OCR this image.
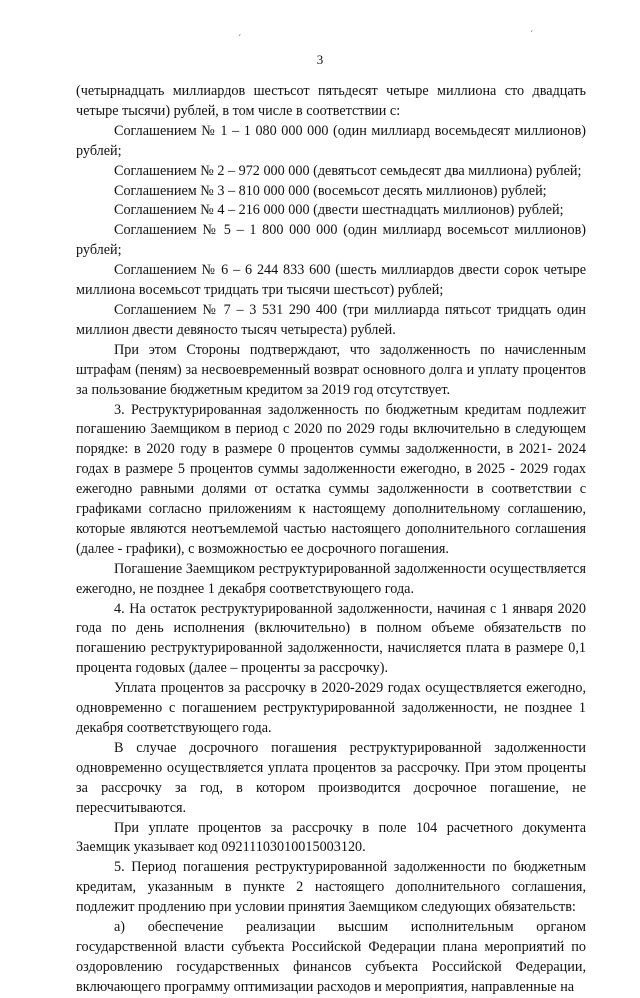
ˊ	ˊ
3

(четырнадцать миллиардов шестьсот пятьдесят четыре миллиона сто двадцать четыре тысячи) рублей, в том числе в соответствии с:

Соглашением № 1 – 1 080 000 000 (один миллиард восемьдесят миллионов) рублей;

Соглашением № 2 – 972 000 000 (девятьсот семьдесят два миллиона) рублей;

Соглашением № 3 – 810 000 000 (восемьсот десять миллионов) рублей;

Соглашением № 4 – 216 000 000 (двести шестнадцать миллионов) рублей;

Соглашением № 5 – 1 800 000 000 (один миллиард восемьсот миллионов) рублей;

Соглашением № 6 – 6 244 833 600 (шесть миллиардов двести сорок четыре миллиона восемьсот тридцать три тысячи шестьсот) рублей;

Соглашением № 7 – 3 531 290 400 (три миллиарда пятьсот тридцать один миллион двести девяносто тысяч четыреста) рублей.

При этом Стороны подтверждают, что задолженность по начисленным штрафам (пеням) за несвоевременный возврат основного долга и уплату процентов за пользование бюджетным кредитом за 2019 год отсутствует.

3. Реструктурированная задолженность по бюджетным кредитам подлежит погашению Заемщиком в период с 2020 по 2029 годы включительно в следующем порядке: в 2020 году в размере 0 процентов суммы задолженности, в 2021- 2024 годах в размере 5 процентов суммы задолженности ежегодно, в 2025 - 2029 годах ежегодно равными долями от остатка суммы задолженности в соответствии с графиками согласно приложениям к настоящему дополнительному соглашению, которые являются неотъемлемой частью настоящего дополнительного соглашения (далее - графики), с возможностью ее досрочного погашения.

Погашение Заемщиком реструктурированной задолженности осуществляется ежегодно, не позднее 1 декабря соответствующего года.

4. На остаток реструктурированной задолженности, начиная с 1 января 2020 года по день исполнения (включительно) в полном объеме обязательств по погашению реструктурированной задолженности, начисляется плата в размере 0,1 процента годовых (далее – проценты за рассрочку).

Уплата процентов за рассрочку в 2020-2029 годах осуществляется ежегодно, одновременно с погашением реструктурированной задолженности, не позднее 1 декабря соответствующего года.

В случае досрочного погашения реструктурированной задолженности одновременно осуществляется уплата процентов за рассрочку. При этом проценты за рассрочку за год, в котором производится досрочное погашение, не пересчитываются.

При уплате процентов за рассрочку в поле 104 расчетного документа Заемщик указывает код 09211103010015003120.

5. Период погашения реструктурированной задолженности по бюджетным кредитам, указанным в пункте 2 настоящего дополнительного соглашения, подлежит продлению при условии принятия Заемщиком следующих обязательств:

а) обеспечение реализации высшим исполнительным органом государственной власти субъекта Российской Федерации плана мероприятий по оздоровлению государственных финансов субъекта Российской Федерации, включающего программу оптимизации расходов и мероприятия, направленные на
